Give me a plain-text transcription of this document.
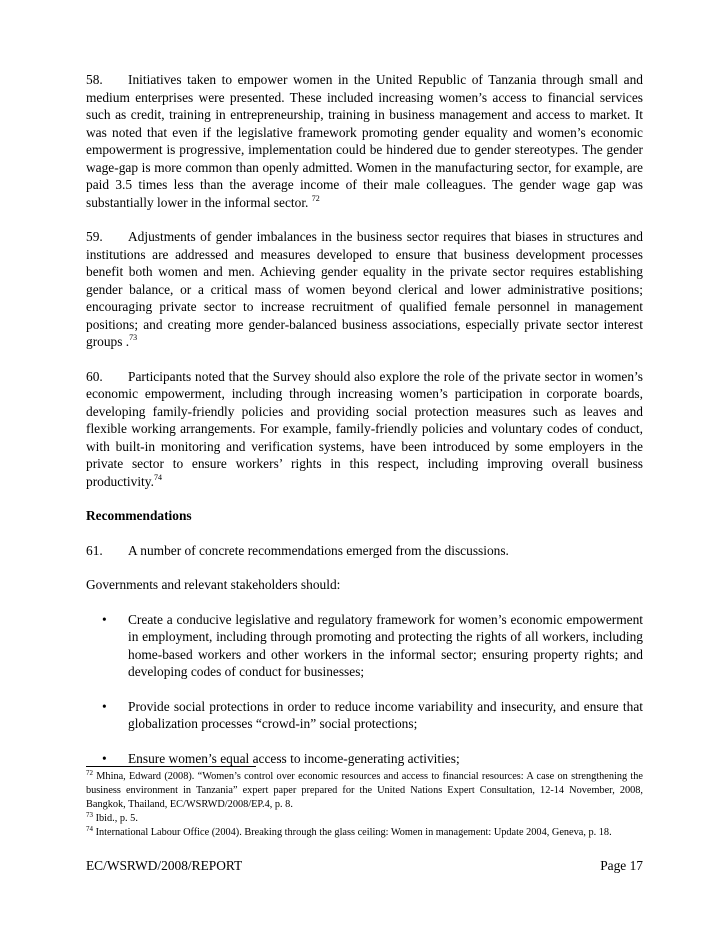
58. Initiatives taken to empower women in the United Republic of Tanzania through small and medium enterprises were presented. These included increasing women’s access to financial services such as credit, training in entrepreneurship, training in business management and access to market. It was noted that even if the legislative framework promoting gender equality and women’s economic empowerment is progressive, implementation could be hindered due to gender stereotypes. The gender wage-gap is more common than openly admitted. Women in the manufacturing sector, for example, are paid 3.5 times less than the average income of their male colleagues. The gender wage gap was substantially lower in the informal sector. $^{72}$

59. Adjustments of gender imbalances in the business sector requires that biases in structures and institutions are addressed and measures developed to ensure that business development processes benefit both women and men. Achieving gender equality in the private sector requires establishing gender balance, or a critical mass of women beyond clerical and lower administrative positions; encouraging private sector to increase recruitment of qualified female personnel in management positions; and creating more gender-balanced business associations, especially private sector interest groups .$^{73}$

60. Participants noted that the Survey should also explore the role of the private sector in women’s economic empowerment, including through increasing women’s participation in corporate boards, developing family-friendly policies and providing social protection measures such as leaves and flexible working arrangements. For example, family-friendly policies and voluntary codes of conduct, with built-in monitoring and verification systems, have been introduced by some employers in the private sector to ensure workers’ rights in this respect, including improving overall business productivity.$^{74}$

Recommendations

61. A number of concrete recommendations emerged from the discussions.

Governments and relevant stakeholders should:

• Create a conducive legislative and regulatory framework for women’s economic empowerment in employment, including through promoting and protecting the rights of all workers, including home-based workers and other workers in the informal sector; ensuring property rights; and developing codes of conduct for businesses;
• Provide social protections in order to reduce income variability and insecurity, and ensure that globalization processes “crowd-in” social protections;
• Ensure women’s equal access to income-generating activities;

$^{72}$ Mhina, Edward (2008). “Women’s control over economic resources and access to financial resources: A case on strengthening the business environment in Tanzania” expert paper prepared for the United Nations Expert Consultation, 12-14 November, 2008, Bangkok, Thailand, EC/WSRWD/2008/EP.4, p. 8.

$^{73}$ Ibid., p. 5.

$^{74}$ International Labour Office (2004). Breaking through the glass ceiling: Women in management: Update 2004, Geneva, p. 18.

EC/WSRWD/2008/REPORT	Page 17
